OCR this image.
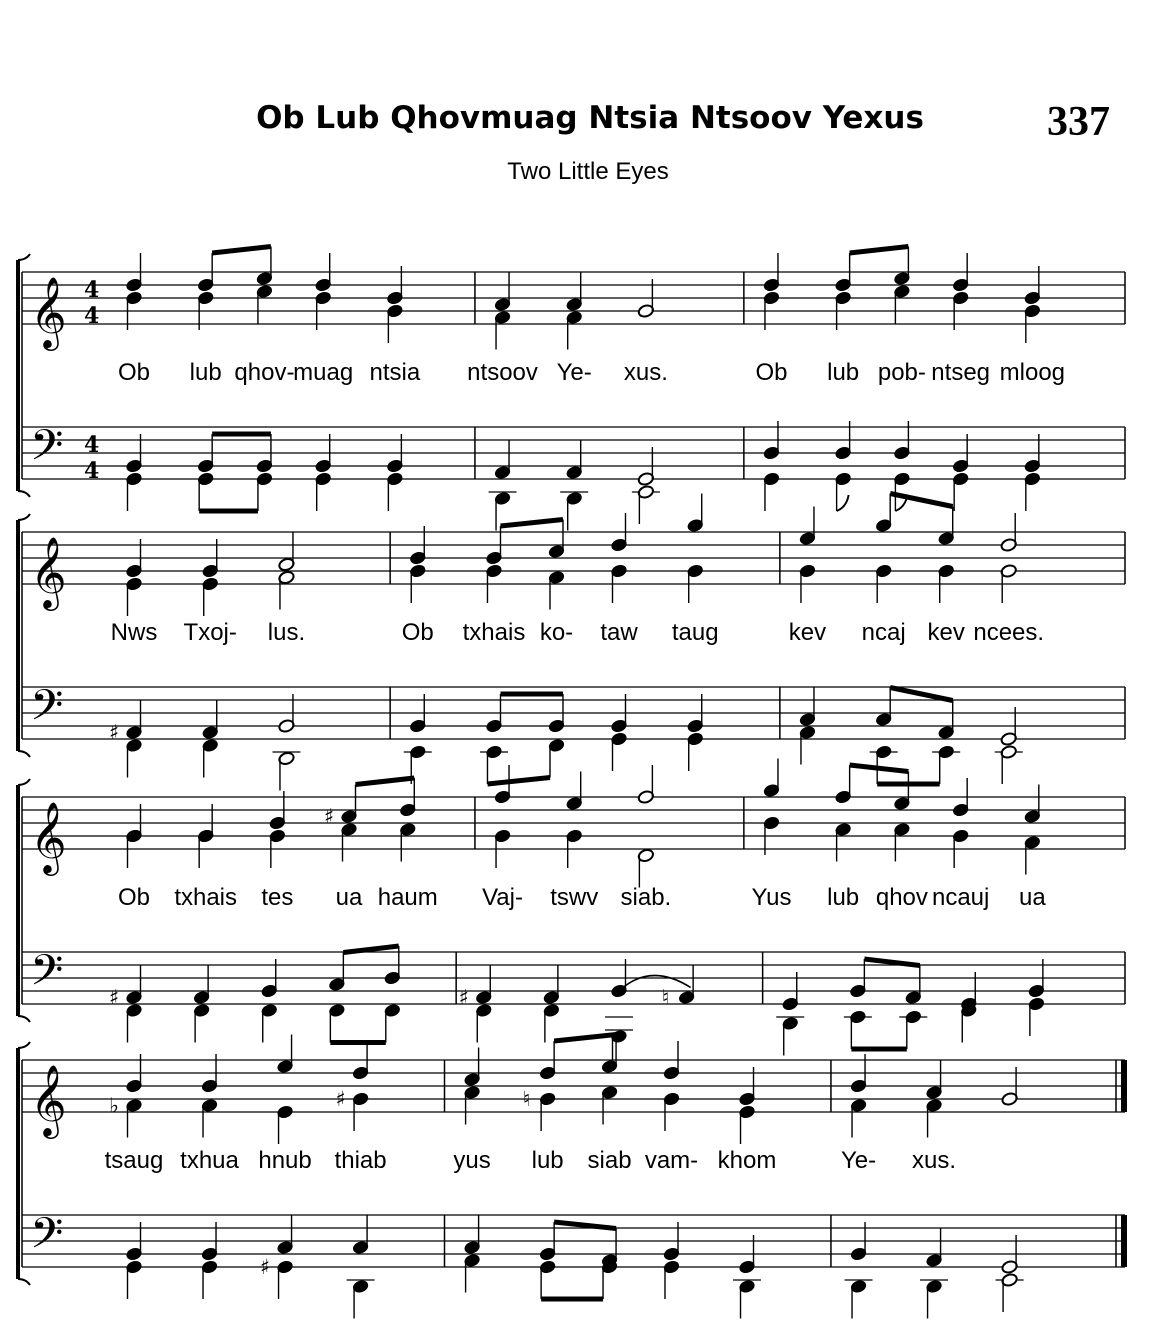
Ob Lub Qhovmuag Ntsia Ntsoov Yexus	337
Two Little Eyes
𝄞 4
4
𝄢 4
4
Ob lub qhov-
muag ntsia ntsoov Ye- xus.	Ob lub pob- ntseg mloog
𝄞
𝄢 ♯
Nws Txoj- lus.	Ob txhais ko- taw taug	kev ncaj kev ncees.
𝄞
𝄢
♯
♯	♯	♮
Ob txhais tes ua haum Vaj- tswv siab.	Yus lub qhov ncauj ua
𝄞
𝄢
♭	♯	♮
♯
tsaug txhua hnub thiab	yus lub siab vam- khom	Ye- xus.
